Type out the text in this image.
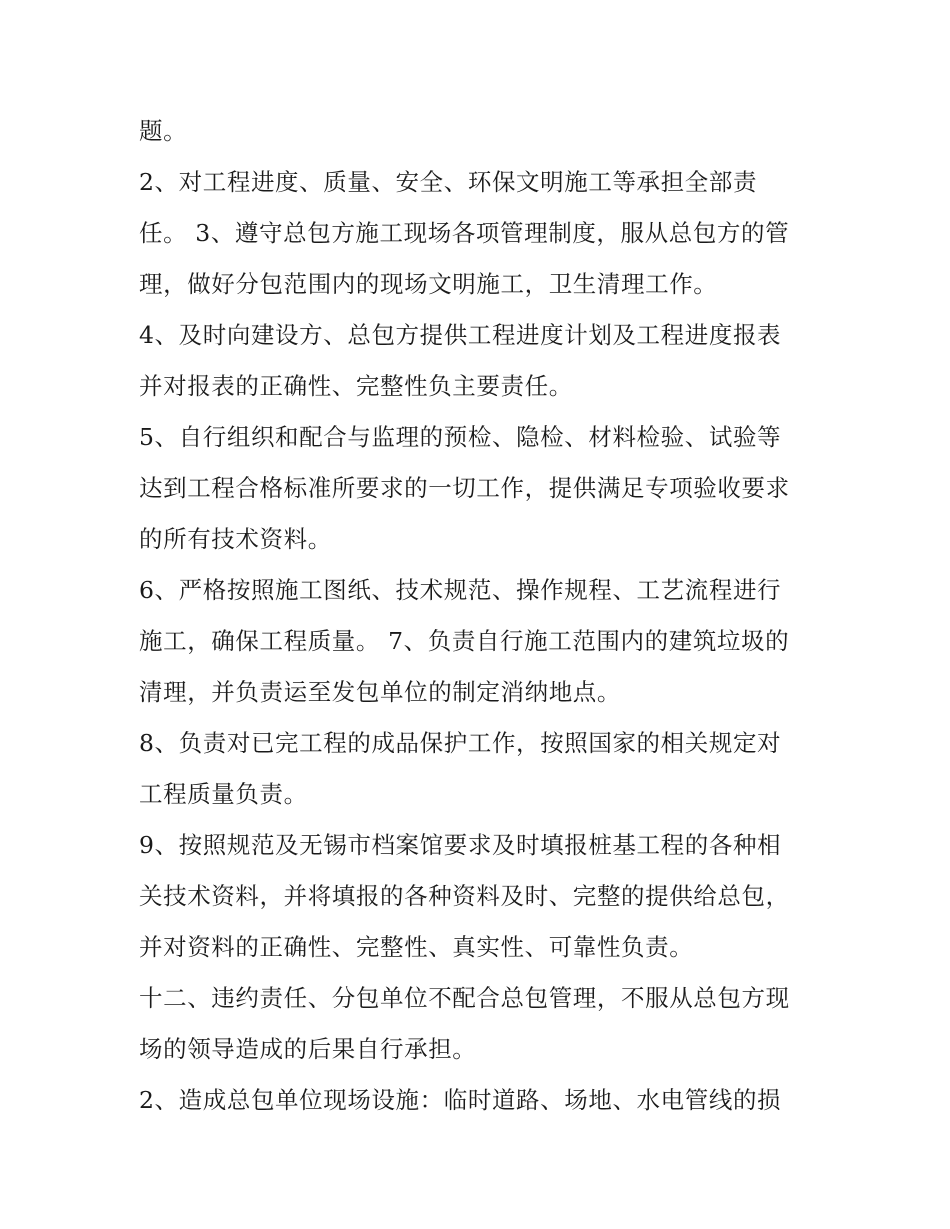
题。
2、对工程进度、质量、安全、环保文明施工等承担全部责
任。 3、遵守总包方施工现场各项管理制度，服从总包方的管
理，做好分包范围内的现场文明施工，卫生清理工作。
4、及时向建设方、总包方提供工程进度计划及工程进度报表
并对报表的正确性、完整性负主要责任。
5、自行组织和配合与监理的预检、隐检、材料检验、试验等
达到工程合格标准所要求的一切工作，提供满足专项验收要求
的所有技术资料。
6、严格按照施工图纸、技术规范、操作规程、工艺流程进行
施工，确保工程质量。 7、负责自行施工范围内的建筑垃圾的
清理，并负责运至发包单位的制定消纳地点。
8、负责对已完工程的成品保护工作，按照国家的相关规定对
工程质量负责。
9、按照规范及无锡市档案馆要求及时填报桩基工程的各种相
关技术资料，并将填报的各种资料及时、完整的提供给总包，
并对资料的正确性、完整性、真实性、可靠性负责。
十二、违约责任、分包单位不配合总包管理，不服从总包方现
场的领导造成的后果自行承担。
2、造成总包单位现场设施：临时道路、场地、水电管线的损
